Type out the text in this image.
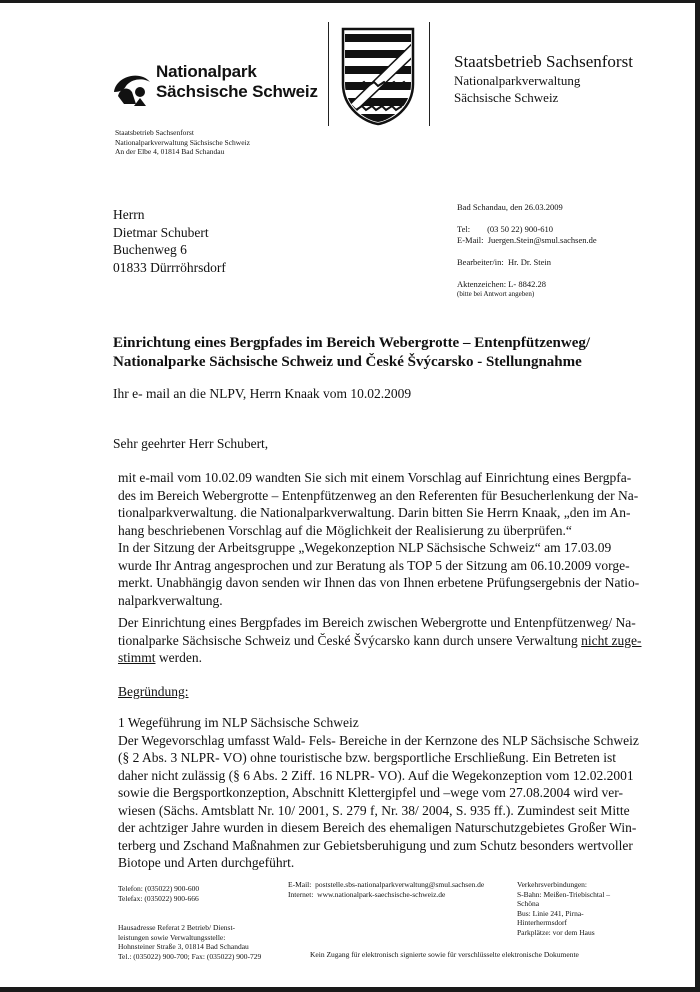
Nationalpark
Sächsische Schweiz
Staatsbetrieb Sachsenforst
Nationalparkverwaltung
Sächsische Schweiz
Staatsbetrieb Sachsenforst
Nationalparkverwaltung Sächsische Schweiz
An der Elbe 4, 01814 Bad Schandau
Herrn
Dietmar Schubert
Buchenweg 6
01833 Dürrröhrsdorf
Bad Schandau, den 26.03.2009
Tel:        (03 50 22) 900-610
E-Mail:  Juergen.Stein@smul.sachsen.de
Bearbeiter/in:  Hr. Dr. Stein
Aktenzeichen: L- 8842.28
(bitte bei Antwort angeben)
Einrichtung eines Bergpfades im Bereich Webergrotte – Entenpfützenweg/
Nationalparke Sächsische Schweiz und České Švýcarsko - Stellungnahme
Ihr e- mail an die NLPV, Herrn Knaak vom 10.02.2009
Sehr geehrter Herr Schubert,
mit e-mail vom 10.02.09 wandten Sie sich mit einem Vorschlag auf Einrichtung eines Bergpfa-
des im Bereich Webergrotte – Entenpfützenweg an den Referenten für Besucherlenkung der Na-
tionalparkverwaltung. die Nationalparkverwaltung. Darin bitten Sie Herrn Knaak, „den im An-
hang beschriebenen Vorschlag auf die Möglichkeit der Realisierung zu überprüfen.“
In der Sitzung der Arbeitsgruppe „Wegekonzeption NLP Sächsische Schweiz“ am 17.03.09
wurde Ihr Antrag angesprochen und zur Beratung als TOP 5 der Sitzung am 06.10.2009 vorge-
merkt. Unabhängig davon senden wir Ihnen das von Ihnen erbetene Prüfungsergebnis der Natio-
nalparkverwaltung.
Der Einrichtung eines Bergpfades im Bereich zwischen Webergrotte und Entenpfützenweg/ Na-
tionalparke Sächsische Schweiz und České Švýcarsko kann durch unsere Verwaltung nicht zuge-
stimmt werden.
Begründung:
1 Wegeführung im NLP Sächsische Schweiz
Der Wegevorschlag umfasst Wald- Fels- Bereiche in der Kernzone des NLP Sächsische Schweiz
(§ 2 Abs. 3 NLPR- VO) ohne touristische bzw. bergsportliche Erschließung. Ein Betreten ist
daher nicht zulässig (§ 6 Abs. 2 Ziff. 16 NLPR- VO). Auf die Wegekonzeption vom 12.02.2001
sowie die Bergsportkonzeption, Abschnitt Klettergipfel und –wege vom 27.08.2004 wird ver-
wiesen (Sächs. Amtsblatt Nr. 10/ 2001, S. 279 f, Nr. 38/ 2004, S. 935 ff.). Zumindest seit Mitte
der achtziger Jahre wurden in diesem Bereich des ehemaligen Naturschutzgebietes Großer Win-
terberg und Zschand Maßnahmen zur Gebietsberuhigung und zum Schutz besonders wertvoller
Biotope und Arten durchgeführt.
Telefon: (035022) 900-600
Telefax: (035022) 900-666
E-Mail:  poststelle.sbs-nationalparkverwaltung@smul.sachsen.de
Internet:  www.nationalpark-saechsische-schweiz.de
Verkehrsverbindungen:
S-Bahn: Meißen-Triebischtal –
Schöna
Bus: Linie 241, Pirna-
Hinterhermsdorf
Parkplätze: vor dem Haus
Hausadresse Referat 2 Betrieb/ Dienst-
leistungen sowie Verwaltungsstelle:
Hohnsteiner Straße 3, 01814 Bad Schandau
Tel.: (035022) 900-700; Fax: (035022) 900-729	Kein Zugang für elektronisch signierte sowie für verschlüsselte elektronische Dokumente
